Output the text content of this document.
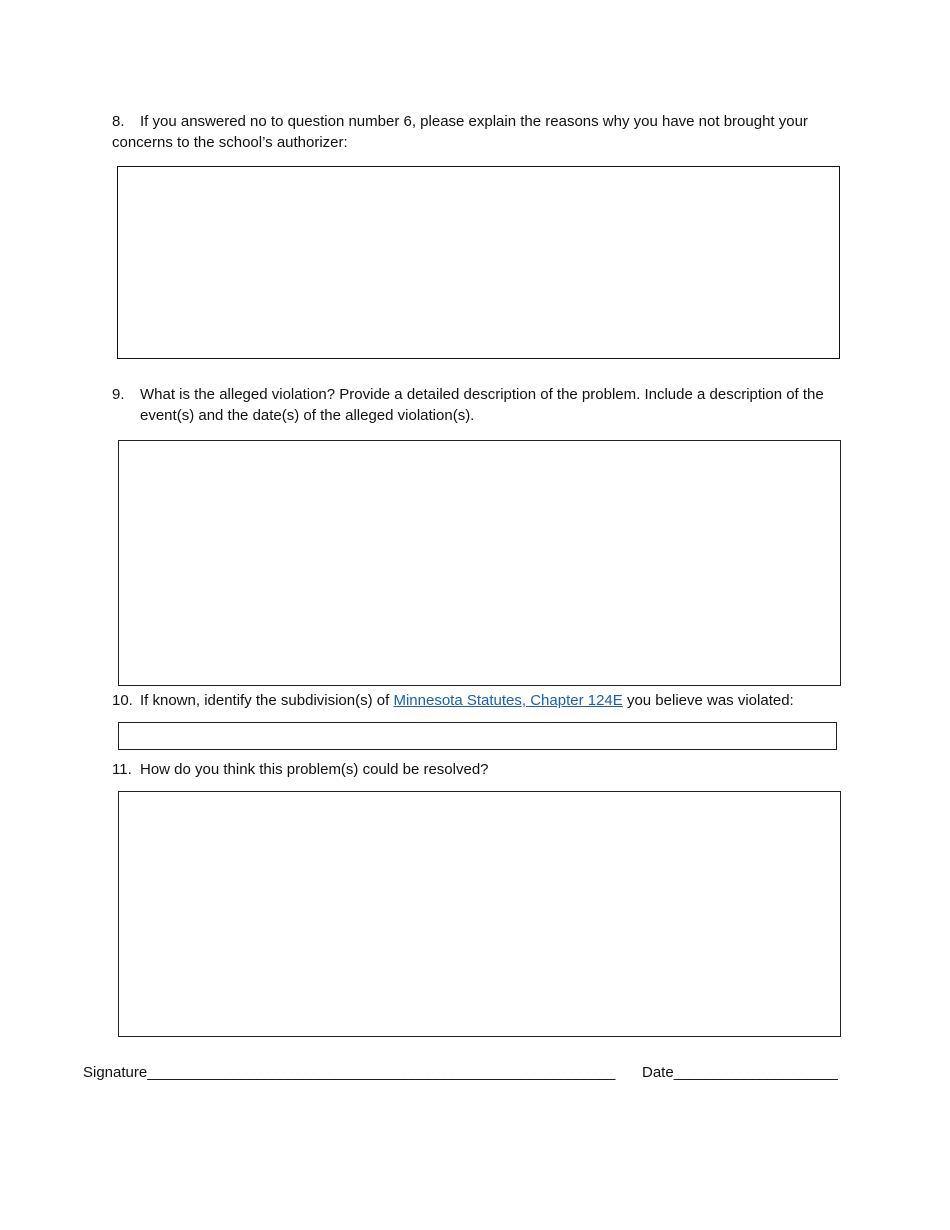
8. If you answered no to question number 6, please explain the reasons why you have not brought your concerns to the school’s authorizer:
9.	What is the alleged violation? Provide a detailed description of the problem. Include a description of the event(s) and the date(s) of the alleged violation(s).
10. If known, identify the subdivision(s) of Minnesota Statutes, Chapter 124E you believe was violated:
11. How do you think this problem(s) could be resolved?
Signature____________________________________________________________ Date_____________________
